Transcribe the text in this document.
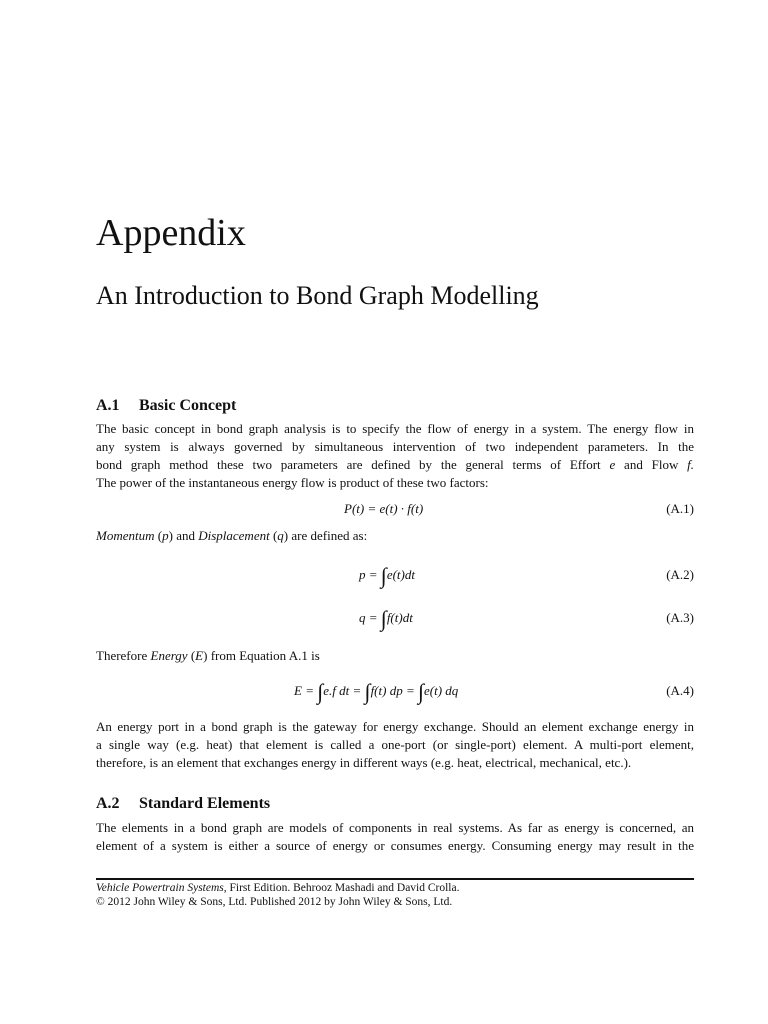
Appendix
An Introduction to Bond Graph Modelling
A.1 Basic Concept
The basic concept in bond graph analysis is to specify the flow of energy in a system. The energy flow in
any system is always governed by simultaneous intervention of two independent parameters. In the
bond graph method these two parameters are defined by the general terms of Effort e and Flow f.
The power of the instantaneous energy flow is product of these two factors:
P(t) = e(t) · f(t)	(A.1)
Momentum (p) and Displacement (q) are defined as:
p = ∫e(t)dt	(A.2)
q = ∫f(t)dt	(A.3)
Therefore Energy (E) from Equation A.1 is
E = ∫e.f dt = ∫f(t) dp = ∫e(t) dq	(A.4)
An energy port in a bond graph is the gateway for energy exchange. Should an element exchange energy in
a single way (e.g. heat) that element is called a one-port (or single-port) element. A multi-port element,
therefore, is an element that exchanges energy in different ways (e.g. heat, electrical, mechanical, etc.).
A.2 Standard Elements
The elements in a bond graph are models of components in real systems. As far as energy is concerned, an
element of a system is either a source of energy or consumes energy. Consuming energy may result in the
Vehicle Powertrain Systems, First Edition. Behrooz Mashadi and David Crolla.
© 2012 John Wiley & Sons, Ltd. Published 2012 by John Wiley & Sons, Ltd.
